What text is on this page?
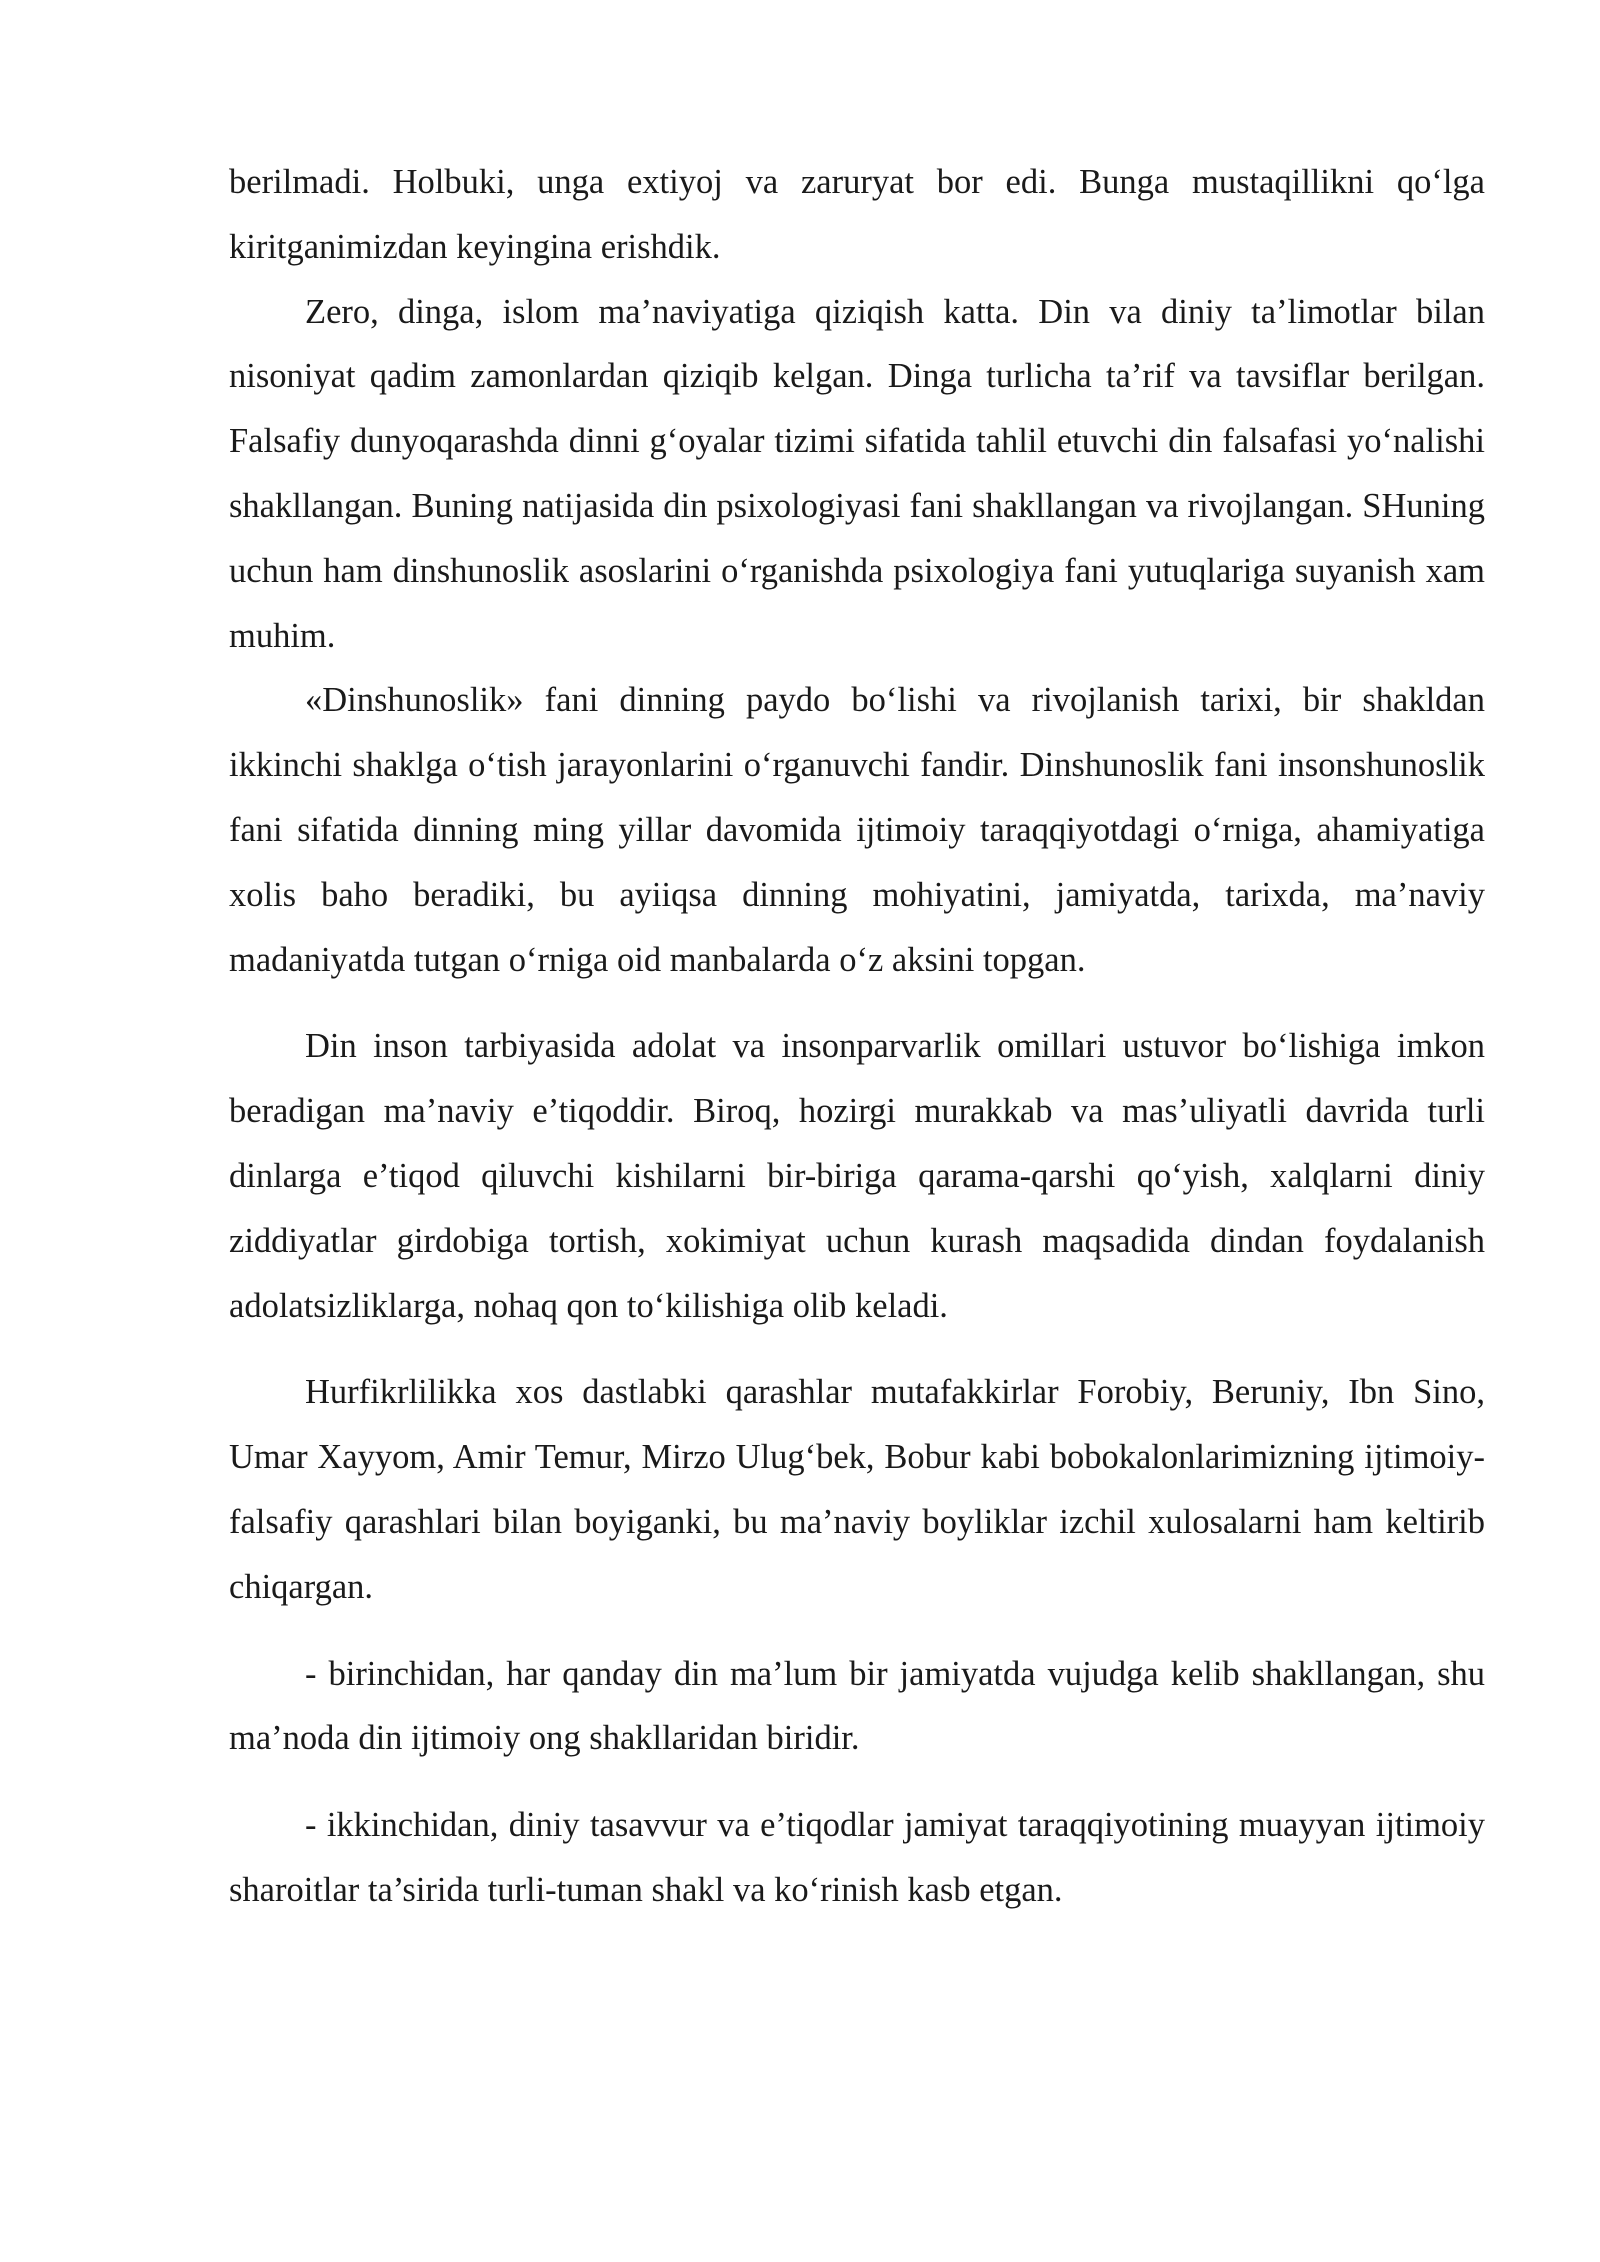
berilmadi. Holbuki, unga extiyoj va zaruryat bor edi. Bunga mustaqillikni qo‘lga kiritganimizdan keyingina erishdik.

Zero, dinga, islom ma’naviyatiga qiziqish katta. Din va diniy ta’limotlar bilan nisoniyat qadim zamonlardan qiziqib kelgan. Dinga turlicha ta’rif va tavsiflar berilgan. Falsafiy dunyoqarashda dinni g‘oyalar tizimi sifatida tahlil etuvchi din falsafasi yo‘nalishi shakllangan. Buning natijasida din psixologiyasi fani shakllangan va rivojlangan. SHuning uchun ham dinshunoslik asoslarini o‘rganishda psixologiya fani yutuqlariga suyanish xam muhim.

«Dinshunoslik» fani dinning paydo bo‘lishi va rivojlanish tarixi, bir shakldan ikkinchi shaklga o‘tish jarayonlarini o‘rganuvchi fandir. Dinshunoslik fani insonshunoslik fani sifatida dinning ming yillar davomida ijtimoiy taraqqiyotdagi o‘rniga, ahamiyatiga xolis baho beradiki, bu ayiiqsa dinning mohiyatini, jamiyatda, tarixda, ma’naviy madaniyatda tutgan o‘rniga oid manbalarda o‘z aksini topgan.

Din inson tarbiyasida adolat va insonparvarlik omillari ustuvor bo‘lishiga imkon beradigan ma’naviy e’tiqoddir. Biroq, hozirgi murakkab va mas’uliyatli davrida turli dinlarga e’tiqod qiluvchi kishilarni bir-biriga qarama-qarshi qo‘yish, xalqlarni diniy ziddiyatlar girdobiga tortish, xokimiyat uchun kurash maqsadida dindan foydalanish adolatsizliklarga, nohaq qon to‘kilishiga olib keladi.

Hurfikrlilikka xos dastlabki qarashlar mutafakkirlar Forobiy, Beruniy, Ibn Sino, Umar Xayyom, Amir Temur, Mirzo Ulug‘bek, Bobur kabi bobokalonlarimizning ijtimoiy-falsafiy qarashlari bilan boyiganki, bu ma’naviy boyliklar izchil xulosalarni ham keltirib chiqargan.

- birinchidan, har qanday din ma’lum bir jamiyatda vujudga kelib shakllangan, shu ma’noda din ijtimoiy ong shakllaridan biridir.

- ikkinchidan, diniy tasavvur va e’tiqodlar jamiyat taraqqiyotining muayyan ijtimoiy sharoitlar ta’sirida turli-tuman shakl va ko‘rinish kasb etgan.
